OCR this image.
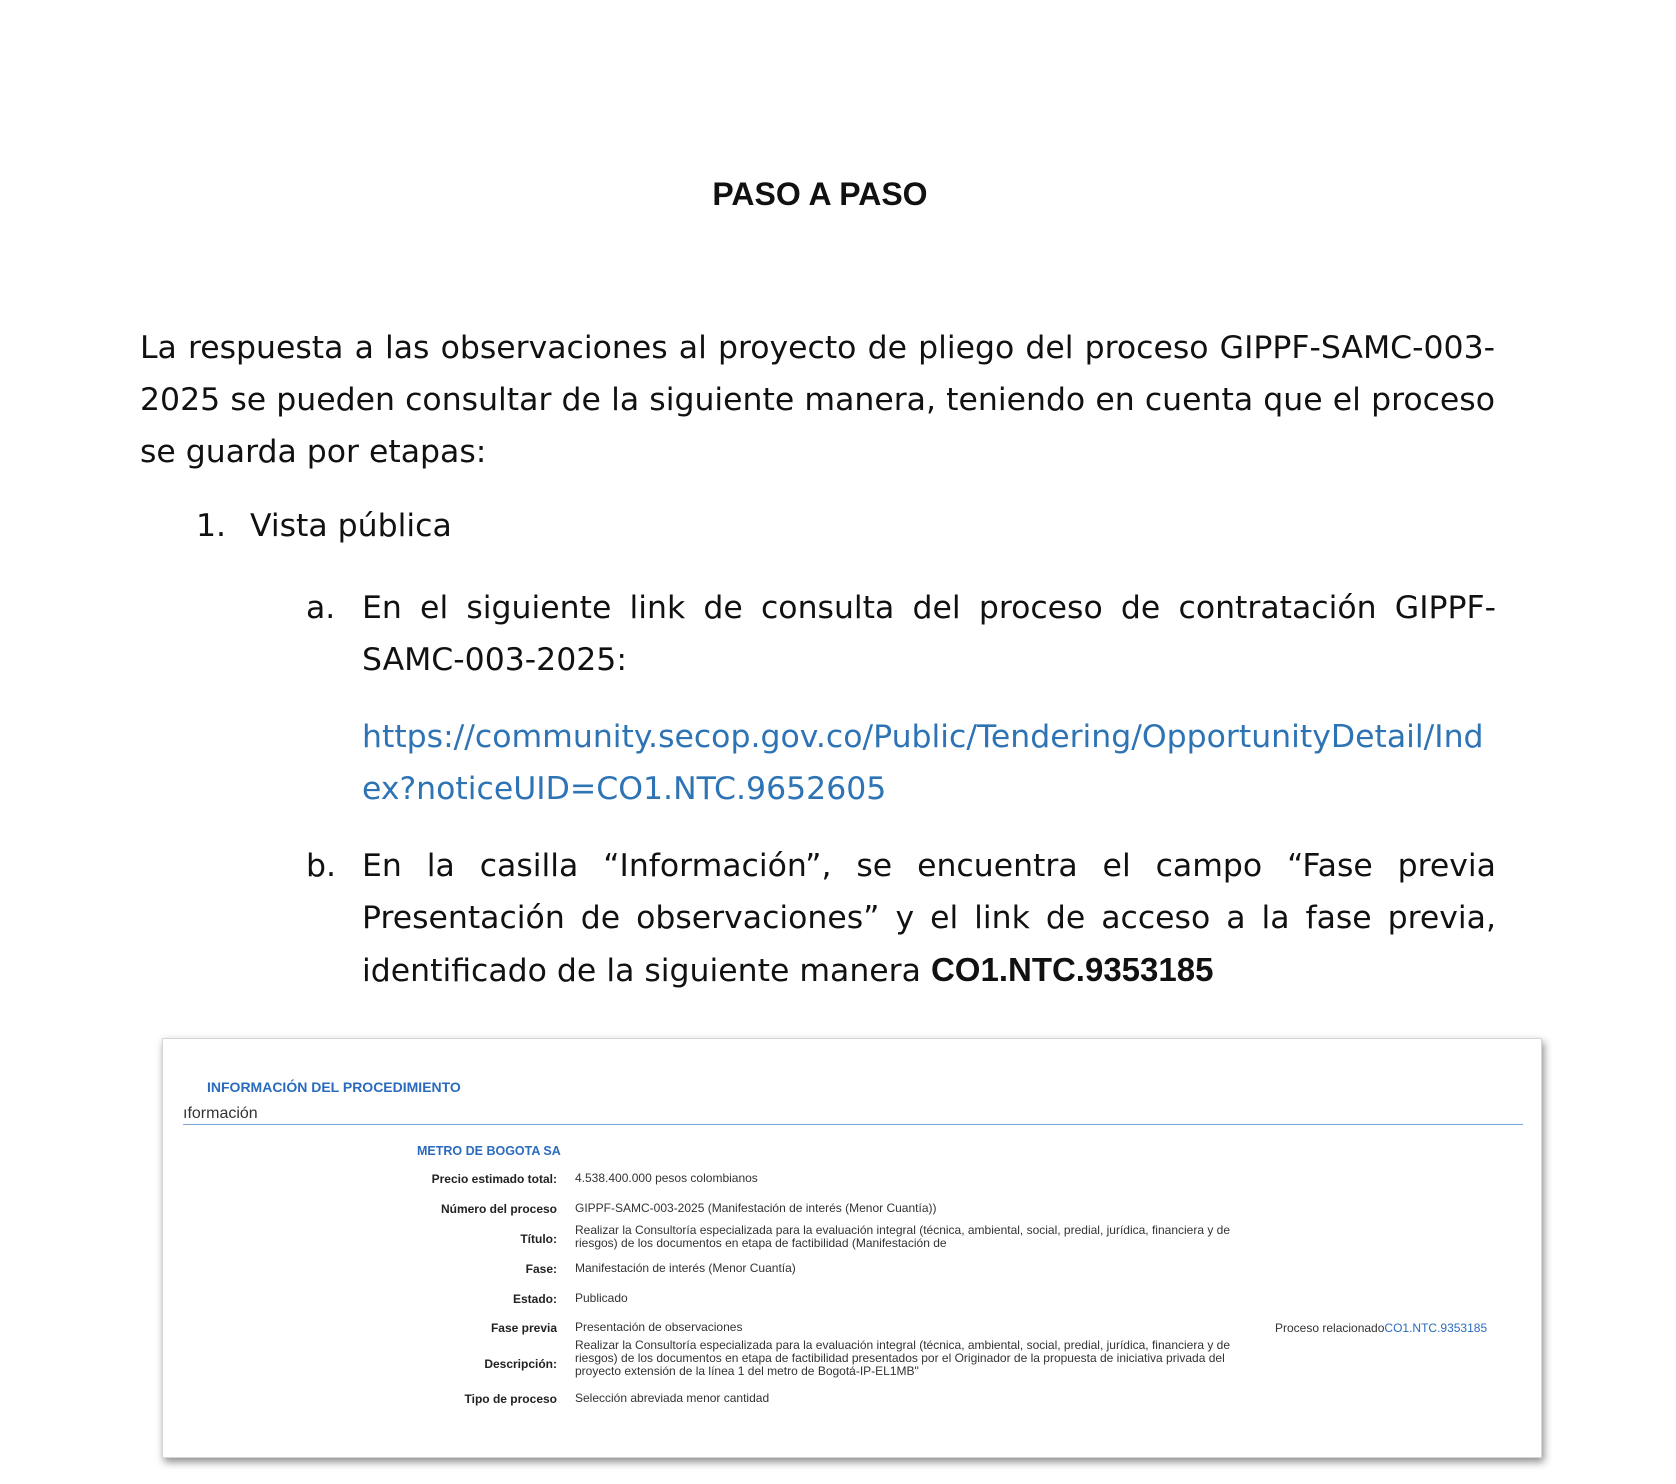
PASO A PASO

La respuesta a las observaciones al proyecto de pliego del proceso GIPPF-SAMC-003-2025 se pueden consultar de la siguiente manera, teniendo en cuenta que el proceso se guarda por etapas:

1. Vista pública
a. En el siguiente link de consulta del proceso de contratación GIPPF-SAMC-003-2025:
https://community.secop.gov.co/Public/Tendering/OpportunityDetail/Index?noticeUID=CO1.NTC.9652605
b. En la casilla “Información”, se encuentra el campo “Fase previa Presentación de observaciones” y el link de acceso a la fase previa, identificado de la siguiente manera CO1.NTC.9353185
INFORMACIÓN DEL PROCEDIMIENTO
ıformación
METRO DE BOGOTA SA
Precio estimado total: 4.538.400.000 pesos colombianos
Número del proceso GIPPF-SAMC-003-2025 (Manifestación de interés (Menor Cuantía))
Título:
Realizar la Consultoría especializada para la evaluación integral (técnica, ambiental, social, predial, jurídica, financiera y de riesgos) de los documentos en etapa de factibilidad (Manifestación de
Fase: Manifestación de interés (Menor Cuantía)
Estado: Publicado
Fase previa Presentación de observaciones	Proceso relacionadoCO1.NTC.9353185
Descripción:
Realizar la Consultoría especializada para la evaluación integral (técnica, ambiental, social, predial, jurídica, financiera y de riesgos) de los documentos en etapa de factibilidad presentados por el Originador de la propuesta de iniciativa privada del proyecto extensión de la línea 1 del metro de Bogotá-IP-EL1MB"
Tipo de proceso Selección abreviada menor cantidad
